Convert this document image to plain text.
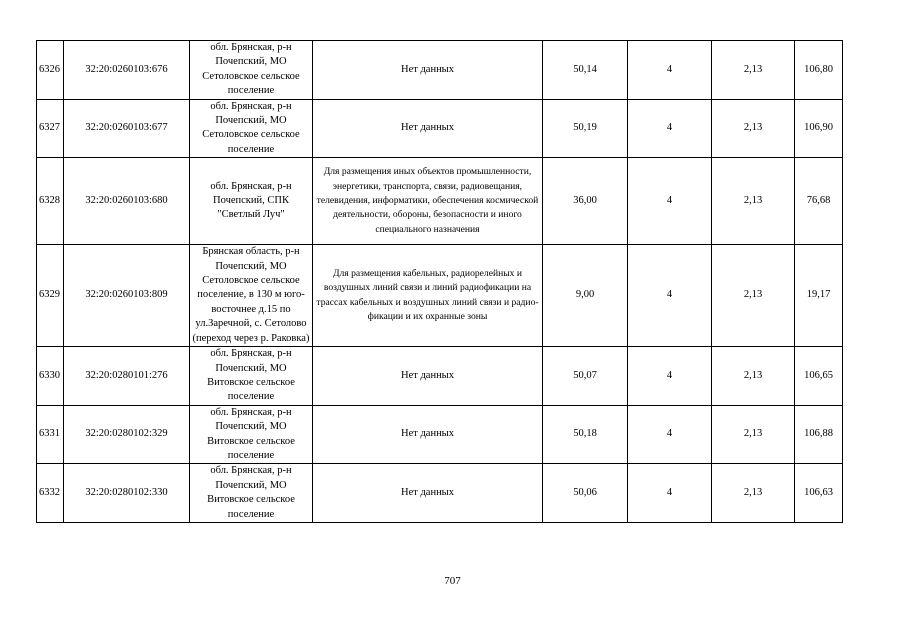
6326	32:20:0260103:676	обл. Брянская, р-н Почепский, МО Сетоловское сельское поселение	Нет данных	50,14	4	2,13	106,80
6327	32:20:0260103:677	обл. Брянская, р-н Почепский, МО Сетоловское сельское поселение	Нет данных	50,19	4	2,13	106,90
6328	32:20:0260103:680	обл. Брянская, р-н Почепский, СПК "Светлый Луч"	Для размещения иных объектов промышленности, энергетики, транспорта, связи, радиовещания, телевидения, информатики, обеспечения космической деятельности, обороны, безопасности и иного специального назначения	36,00	4	2,13	76,68
6329	32:20:0260103:809	Брянская область, р-н Почепский, МО Сетоловское сельское поселение, в 130 м юго-восточнее д.15 по ул.Заречной, с. Сетолово (переход через р. Раковка)	Для размещения кабельных, радиорелейных и воздушных линий связи и линий радиофикации на трассах кабельных и воздушных линий связи и радио-фикации и их охранные зоны	9,00	4	2,13	19,17
6330	32:20:0280101:276	обл. Брянская, р-н Почепский, МО Витовское сельское поселение	Нет данных	50,07	4	2,13	106,65
6331	32:20:0280102:329	обл. Брянская, р-н Почепский, МО Витовское сельское поселение	Нет данных	50,18	4	2,13	106,88
6332	32:20:0280102:330	обл. Брянская, р-н Почепский, МО Витовское сельское поселение	Нет данных	50,06	4	2,13	106,63
707
